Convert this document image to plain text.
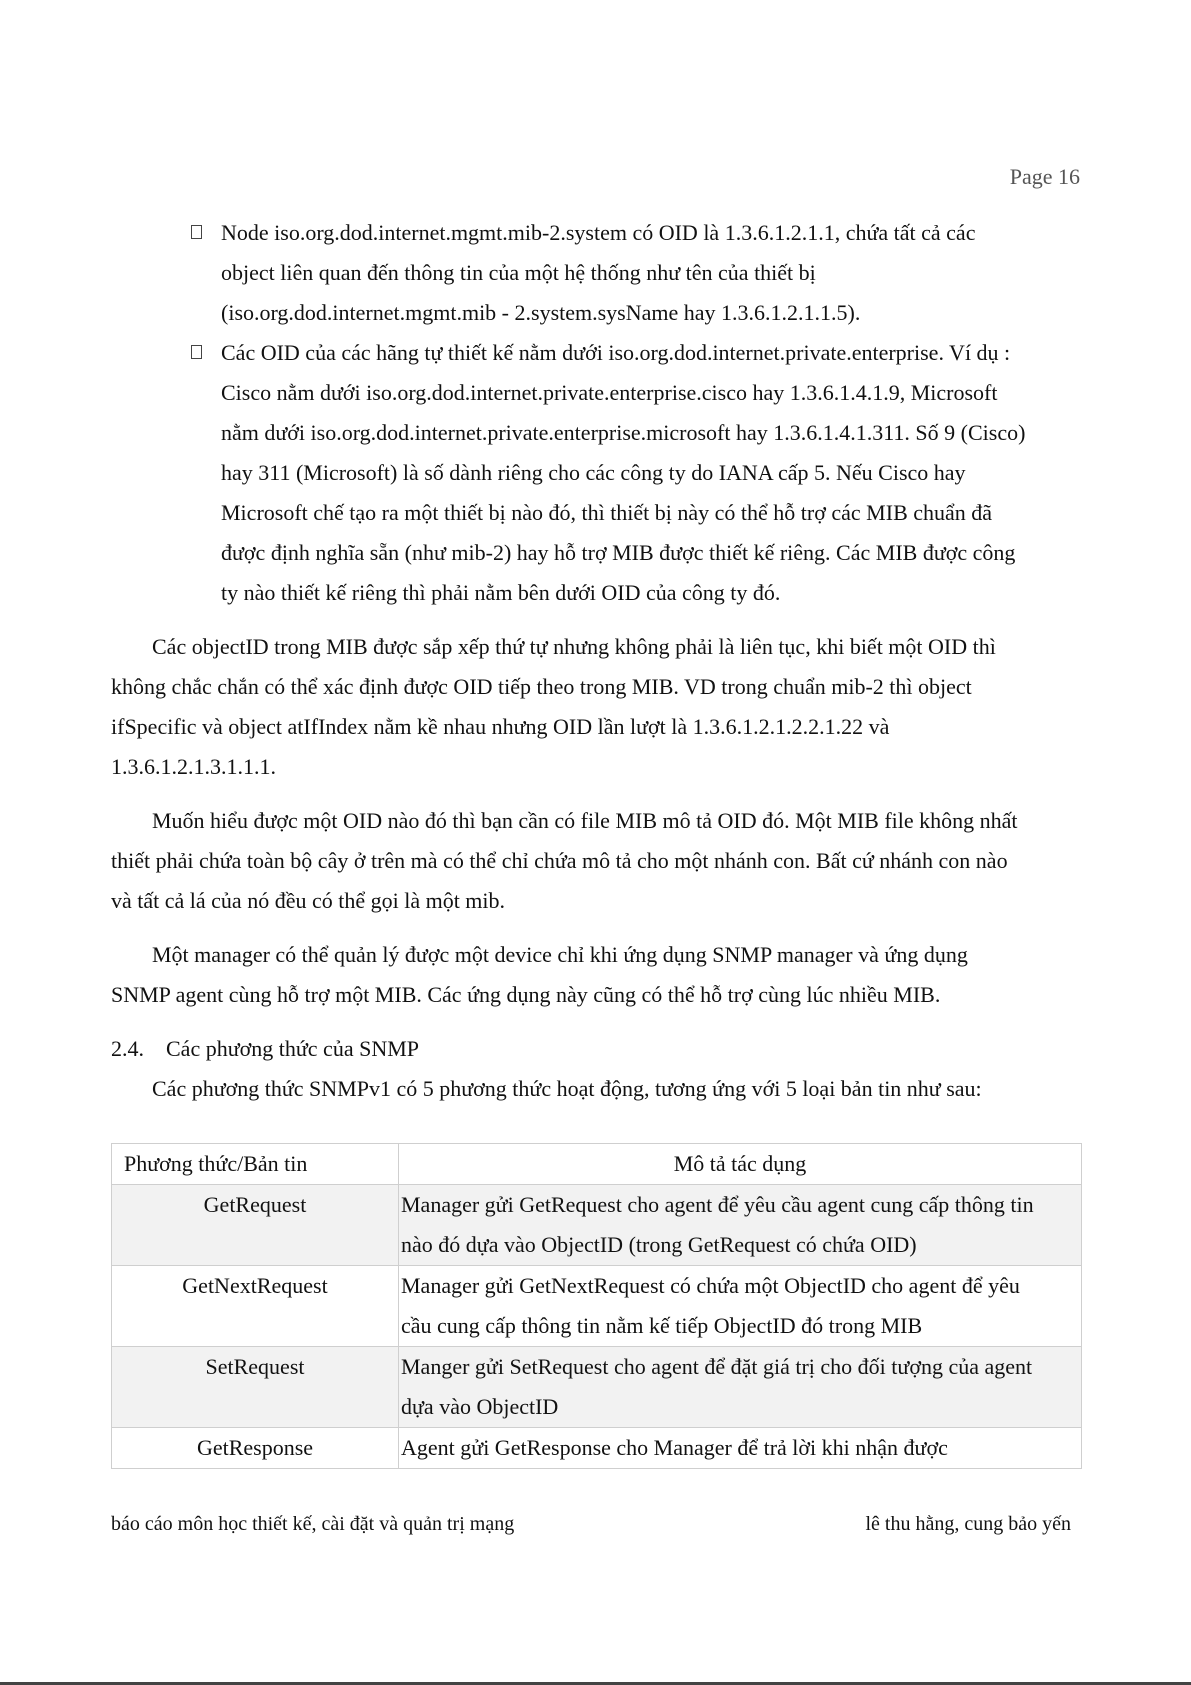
Page 16
Node iso.org.dod.internet.mgmt.mib-2.system có OID là 1.3.6.1.2.1.1, chứa tất cả các
object liên quan đến thông tin của một hệ thống như tên của thiết bị
(iso.org.dod.internet.mgmt.mib - 2.system.sysName hay 1.3.6.1.2.1.1.5).
Các OID của các hãng tự thiết kế nằm dưới iso.org.dod.internet.private.enterprise. Ví dụ :
Cisco nằm dưới iso.org.dod.internet.private.enterprise.cisco hay 1.3.6.1.4.1.9, Microsoft
nằm dưới iso.org.dod.internet.private.enterprise.microsoft hay 1.3.6.1.4.1.311. Số 9 (Cisco)
hay 311 (Microsoft) là số dành riêng cho các công ty do IANA cấp 5. Nếu Cisco hay
Microsoft chế tạo ra một thiết bị nào đó, thì thiết bị này có thể hỗ trợ các MIB chuẩn đã
được định nghĩa sẵn (như mib-2) hay hỗ trợ MIB được thiết kế riêng. Các MIB được công
ty nào thiết kế riêng thì phải nằm bên dưới OID của công ty đó.

Các objectID trong MIB được sắp xếp thứ tự nhưng không phải là liên tục, khi biết một OID thì
không chắc chắn có thể xác định được OID tiếp theo trong MIB. VD trong chuẩn mib-2 thì object
ifSpecific và object atIfIndex nằm kề nhau nhưng OID lần lượt là 1.3.6.1.2.1.2.2.1.22 và
1.3.6.1.2.1.3.1.1.1.

Muốn hiểu được một OID nào đó thì bạn cần có file MIB mô tả OID đó. Một MIB file không nhất
thiết phải chứa toàn bộ cây ở trên mà có thể chỉ chứa mô tả cho một nhánh con. Bất cứ nhánh con nào
và tất cả lá của nó đều có thể gọi là một mib.

Một manager có thể quản lý được một device chỉ khi ứng dụng SNMP manager và ứng dụng
SNMP agent cùng hỗ trợ một MIB. Các ứng dụng này cũng có thể hỗ trợ cùng lúc nhiều MIB.

2.4. Các phương thức của SNMP

Các phương thức SNMPv1 có 5 phương thức hoạt động, tương ứng với 5 loại bản tin như sau:

Phương thức/Bản tin	Mô tả tác dụng
GetRequest	Manager gửi GetRequest cho agent để yêu cầu agent cung cấp thông tin
nào đó dựa vào ObjectID (trong GetRequest có chứa OID)
GetNextRequest	Manager gửi GetNextRequest có chứa một ObjectID cho agent để yêu
cầu cung cấp thông tin nằm kế tiếp ObjectID đó trong MIB
SetRequest	Manger gửi SetRequest cho agent để đặt giá trị cho đối tượng của agent
dựa vào ObjectID
GetResponse	Agent gửi GetResponse cho Manager để trả lời khi nhận được
báo cáo môn học thiết kế, cài đặt và quản trị mạng	lê thu hằng, cung bảo yến
